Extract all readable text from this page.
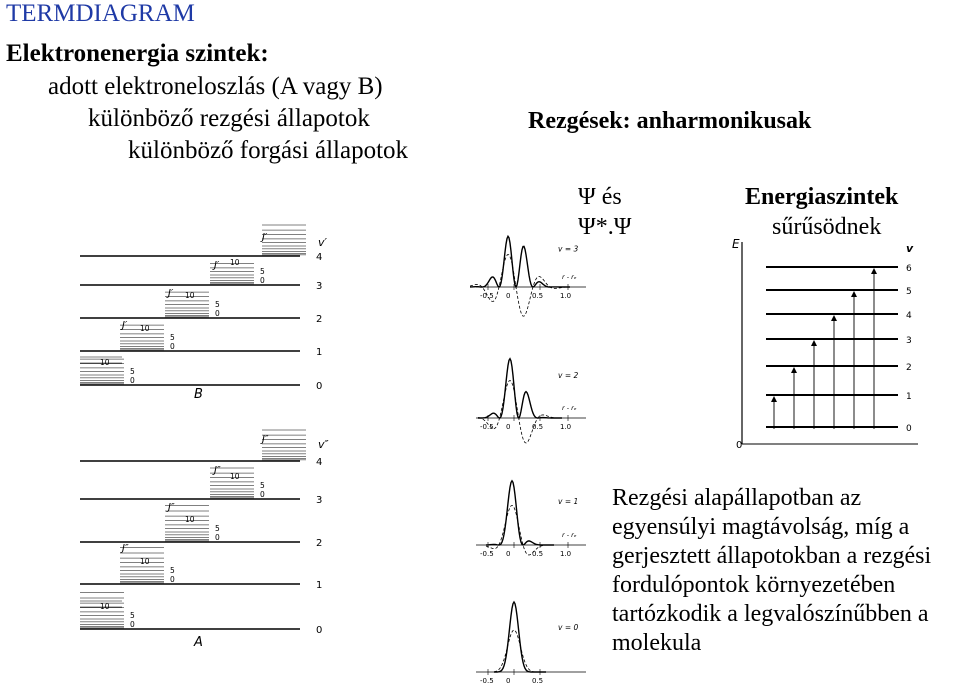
TERMDIAGRAM
Elektronenergia szintek:
adott elektroneloszlás (A vagy B)
különböző rezgési állapotok
különböző forgási állapotok
Rezgések: anharmonikusak
Ψ és
Ψ*.Ψ
Energiaszintek
sűrűsödnek
Rezgési alapállapotban az
egyensúlyi magtávolság, míg a
gerjesztett állapotokban a rezgési
fordulópontok környezetében
tartózkodik a legvalószínűbben a
molekula
0
0
5
10
J′
1
0
5
10
J′
2
0
5
10
J′
3
0
5
10
J′
4
0
0
5
10
J″
1
0
5
10
J″
2
0
5
10
J″
3
0
5
10
J″
4
B
A
v′
v″
-0.5 0	0.5 1.0
v = 3
r - rₑ
-0.5 0	0.5 1.0
v = 2
r - rₑ
-0.5 0	0.5 1.0
v = 1
r - rₑ
-0.5 0	0.5
v = 0
E	v
0
0
1
2
3
4
5
6
